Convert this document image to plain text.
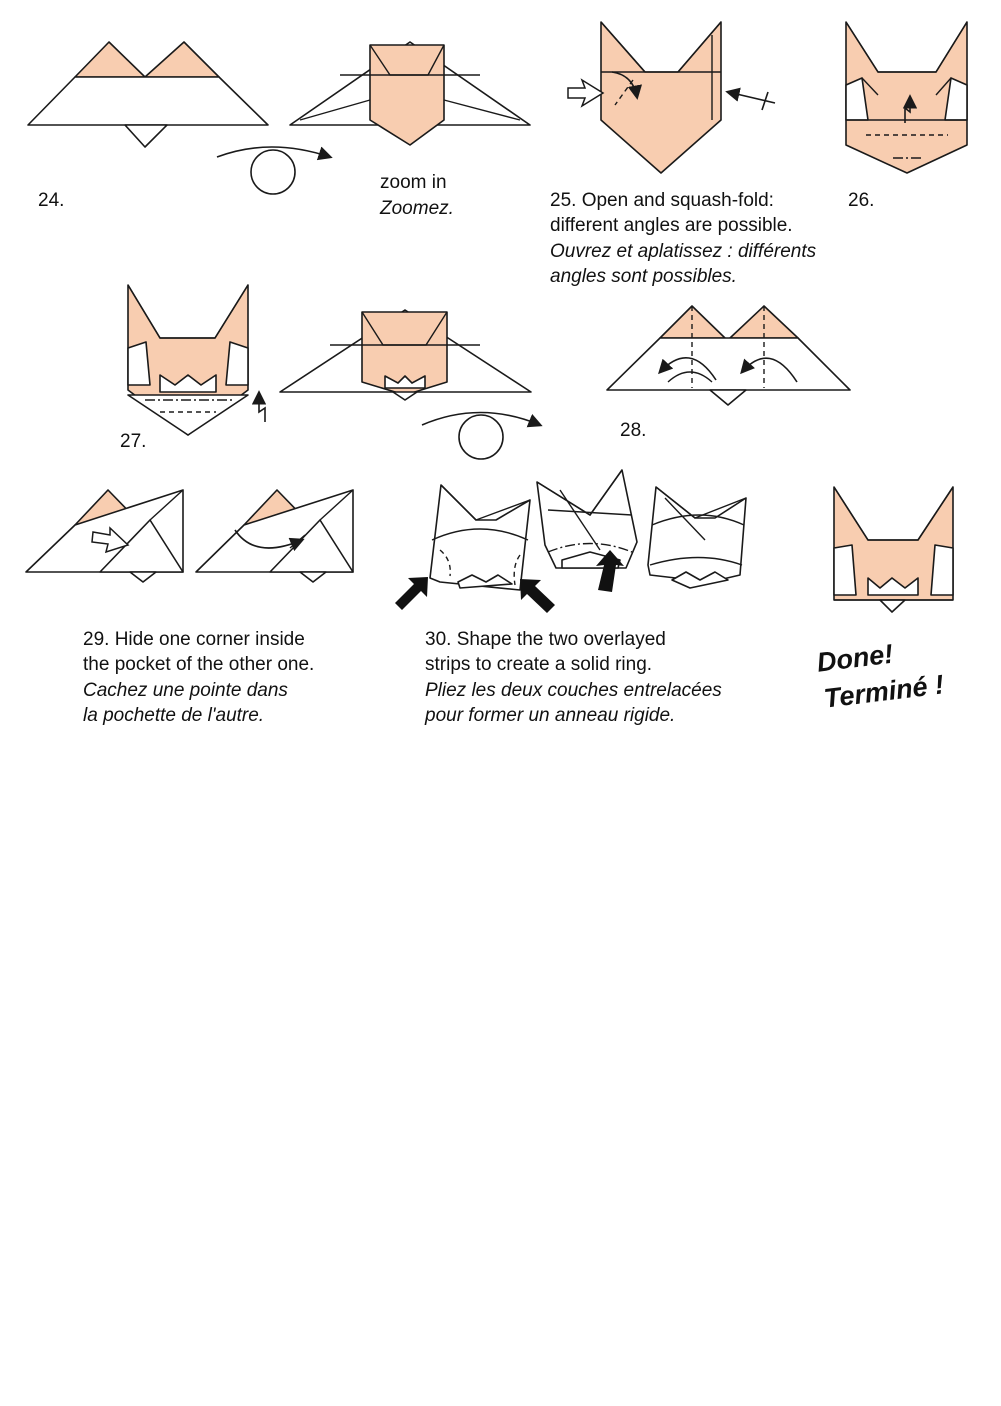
24.
zoom in
Zoomez.	25. Open and squash-fold:
different angles are possible.
Ouvrez et aplatissez : différents
angles sont possibles.
26.
27.
28.
29. Hide one corner inside
the pocket of the other one.
Cachez une pointe dans
la pochette de l'autre.
30. Shape the two overlayed
strips to create a solid ring.
Pliez les deux couches entrelacées
pour former un anneau rigide.
Done!
Terminé !
